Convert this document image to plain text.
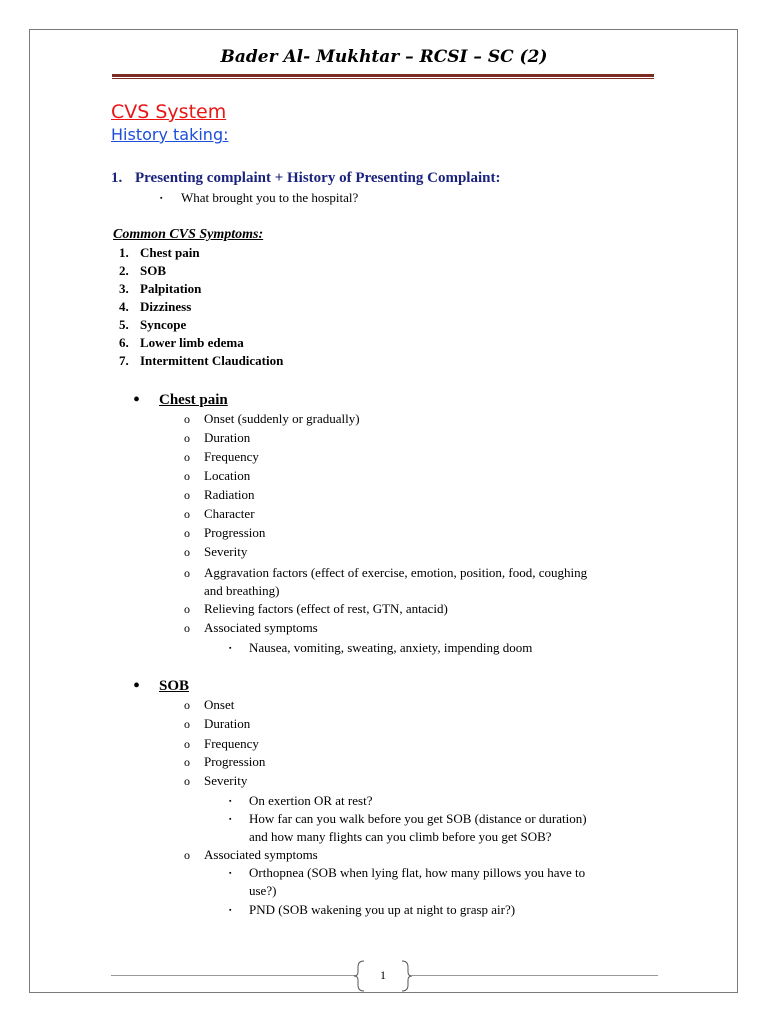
Bader Al- Mukhtar – RCSI – SC (2)
CVS System
History taking:
1. Presenting complaint + History of Presenting Complaint:
▪ What brought you to the hospital?
Common CVS Symptoms:
1. Chest pain
2. SOB
3. Palpitation
4. Dizziness
5. Syncope
6. Lower limb edema
7. Intermittent Claudication
• Chest pain
o Onset (suddenly or gradually)
o Duration
o Frequency
o Location
o Radiation
o Character
o Progression
o Severity
o Aggravation factors (effect of exercise, emotion, position, food, coughing
and breathing)
o Relieving factors (effect of rest, GTN, antacid)
o Associated symptoms
▪ Nausea, vomiting, sweating, anxiety, impending doom
• SOB
o Onset
o Duration
o Frequency
o Progression
o Severity
▪ On exertion OR at rest?
▪ How far can you walk before you get SOB (distance or duration)
and how many flights can you climb before you get SOB?
o Associated symptoms
▪ Orthopnea (SOB when lying flat, how many pillows you have to
use?)
▪ PND (SOB wakening you up at night to grasp air?)
1
